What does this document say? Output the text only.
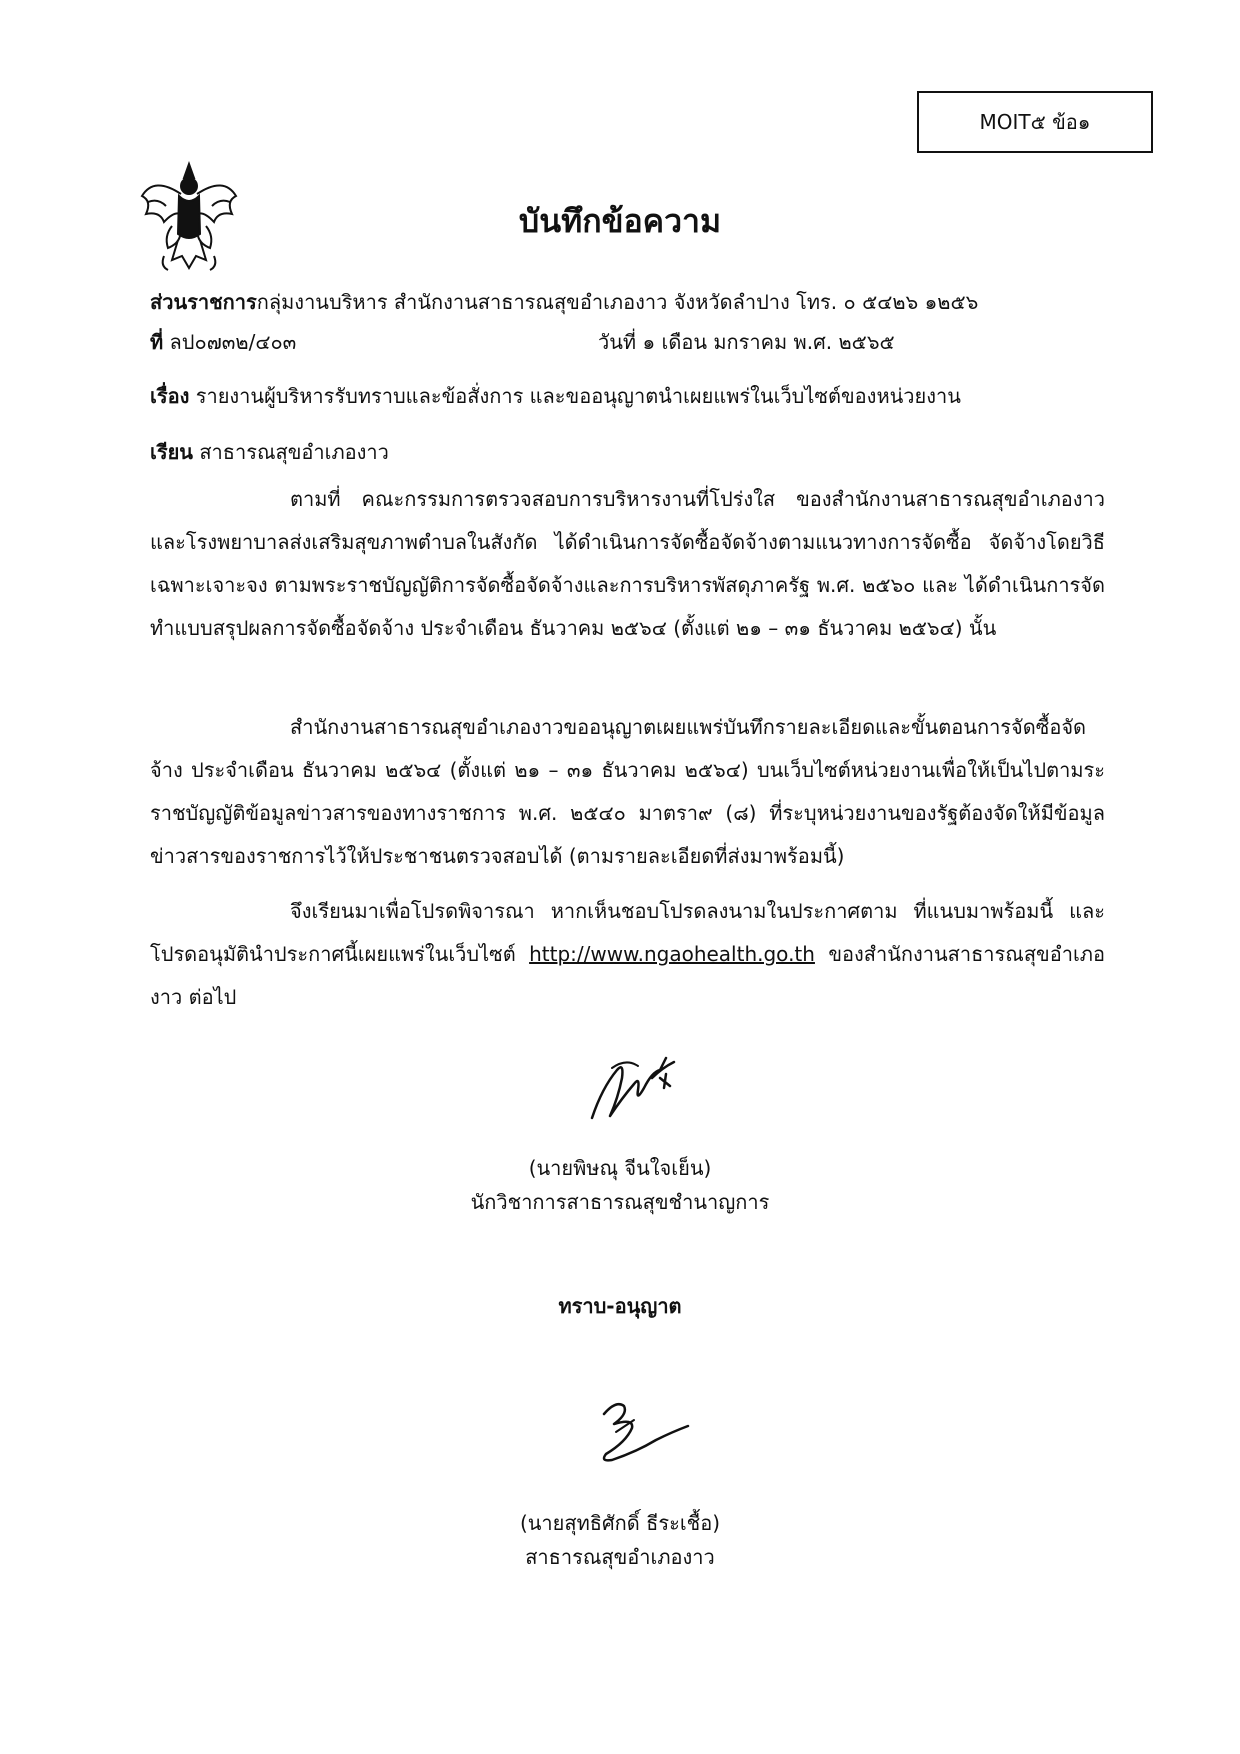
MOIT๕ ข้อ๑
บันทึกข้อความ
ส่วนราชการกลุ่มงานบริหาร สำนักงานสาธารณสุขอำเภองาว จังหวัดลำปาง โทร. ๐ ๕๔๒๖ ๑๒๕๖
ที่ ลป๐๗๓๒/๔๐๓	วันที่ ๑ เดือน มกราคม พ.ศ. ๒๕๖๕
เรื่อง รายงานผู้บริหารรับทราบและข้อสั่งการ และขออนุญาตนำเผยแพร่ในเว็บไซต์ของหน่วยงาน
เรียน สาธารณสุขอำเภองาว
ตามที่ คณะกรรมการตรวจสอบการบริหารงานที่โปร่งใส ของสำนักงานสาธารณสุขอำเภองาว และโรงพยาบาลส่งเสริมสุขภาพตำบลในสังกัด ได้ดำเนินการจัดซื้อจัดจ้างตามแนวทางการจัดซื้อ จัดจ้างโดยวิธีเฉพาะเจาะจง ตามพระราชบัญญัติการจัดซื้อจัดจ้างและการบริหารพัสดุภาครัฐ พ.ศ. ๒๕๖๐ และ ได้ดำเนินการจัดทำแบบสรุปผลการจัดซื้อจัดจ้าง ประจำเดือน ธันวาคม ๒๕๖๔ (ตั้งแต่ ๒๑ – ๓๑ ธันวาคม ๒๕๖๔) นั้น
สำนักงานสาธารณสุขอำเภองาวขออนุญาตเผยแพร่บันทึกรายละเอียดและขั้นตอนการจัดซื้อจัดจ้าง ประจำเดือน ธันวาคม ๒๕๖๔ (ตั้งแต่ ๒๑ – ๓๑ ธันวาคม ๒๕๖๔) บนเว็บไซต์หน่วยงานเพื่อให้เป็นไปตามระราชบัญญัติข้อมูลข่าวสารของทางราชการ พ.ศ. ๒๕๔๐ มาตรา๙ (๘) ที่ระบุหน่วยงานของรัฐต้องจัดให้มีข้อมูลข่าวสารของราชการไว้ให้ประชาชนตรวจสอบได้ (ตามรายละเอียดที่ส่งมาพร้อมนี้)
จึงเรียนมาเพื่อโปรดพิจารณา หากเห็นชอบโปรดลงนามในประกาศตาม ที่แนบมาพร้อมนี้ และโปรดอนุมัตินำประกาศนี้เผยแพร่ในเว็บไซต์ http://www.ngaohealth.go.th ของสำนักงานสาธารณสุขอำเภองาว ต่อไป
(นายพิษณุ จีนใจเย็น)
นักวิชาการสาธารณสุขชำนาญการ
ทราบ-อนุญาต
(นายสุทธิศักดิ์ ธีระเชื้อ)
สาธารณสุขอำเภองาว
